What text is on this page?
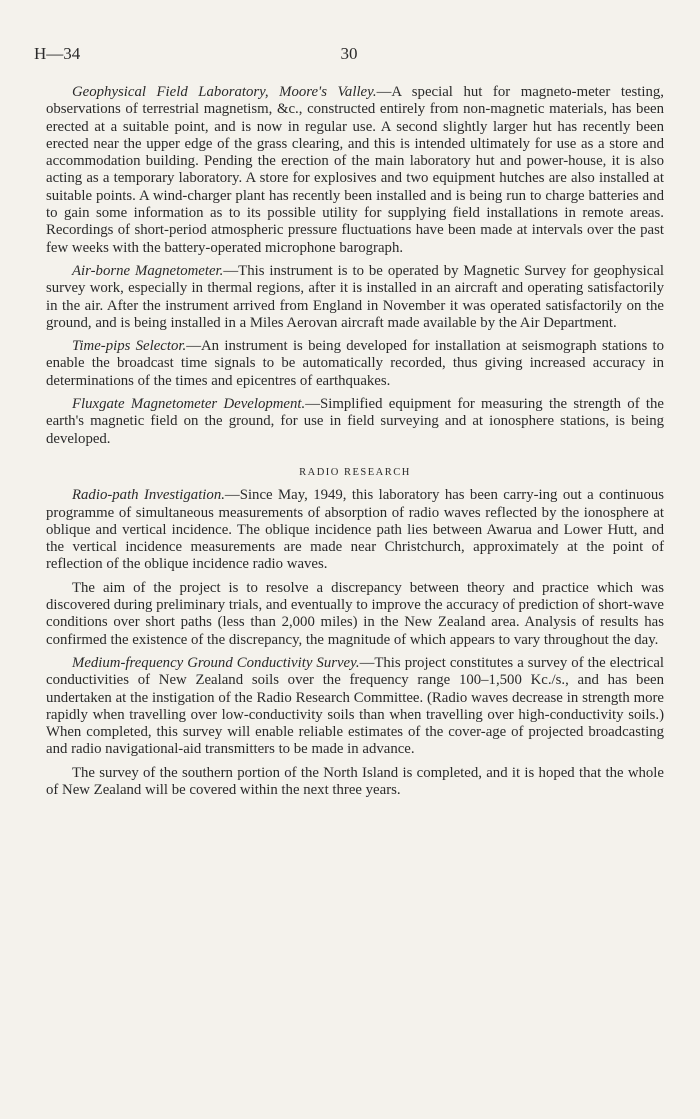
H—34	30

Geophysical Field Laboratory, Moore's Valley.—A special hut for magneto-meter testing, observations of terrestrial magnetism, &c., constructed entirely from non-magnetic materials, has been erected at a suitable point, and is now in regular use. A second slightly larger hut has recently been erected near the upper edge of the grass clearing, and this is intended ultimately for use as a store and accommodation building. Pending the erection of the main laboratory hut and power-house, it is also acting as a temporary laboratory. A store for explosives and two equipment hutches are also installed at suitable points. A wind-charger plant has recently been installed and is being run to charge batteries and to gain some information as to its possible utility for supplying field installations in remote areas. Recordings of short-period atmospheric pressure fluctuations have been made at intervals over the past few weeks with the battery-operated microphone barograph.

Air-borne Magnetometer.—This instrument is to be operated by Magnetic Survey for geophysical survey work, especially in thermal regions, after it is installed in an aircraft and operating satisfactorily in the air. After the instrument arrived from England in November it was operated satisfactorily on the ground, and is being installed in a Miles Aerovan aircraft made available by the Air Department.

Time-pips Selector.—An instrument is being developed for installation at seismograph stations to enable the broadcast time signals to be automatically recorded, thus giving increased accuracy in determinations of the times and epicentres of earthquakes.

Fluxgate Magnetometer Development.—Simplified equipment for measuring the strength of the earth's magnetic field on the ground, for use in field surveying and at ionosphere stations, is being developed.

RADIO RESEARCH

Radio-path Investigation.—Since May, 1949, this laboratory has been carry-ing out a continuous programme of simultaneous measurements of absorption of radio waves reflected by the ionosphere at oblique and vertical incidence. The oblique incidence path lies between Awarua and Lower Hutt, and the vertical incidence measurements are made near Christchurch, approximately at the point of reflection of the oblique incidence radio waves.

The aim of the project is to resolve a discrepancy between theory and practice which was discovered during preliminary trials, and eventually to improve the accuracy of prediction of short-wave conditions over short paths (less than 2,000 miles) in the New Zealand area. Analysis of results has confirmed the existence of the discrepancy, the magnitude of which appears to vary throughout the day.

Medium-frequency Ground Conductivity Survey.—This project constitutes a survey of the electrical conductivities of New Zealand soils over the frequency range 100–1,500 Kc./s., and has been undertaken at the instigation of the Radio Research Committee. (Radio waves decrease in strength more rapidly when travelling over low-conductivity soils than when travelling over high-conductivity soils.) When completed, this survey will enable reliable estimates of the cover-age of projected broadcasting and radio navigational-aid transmitters to be made in advance.

The survey of the southern portion of the North Island is completed, and it is hoped that the whole of New Zealand will be covered within the next three years.
